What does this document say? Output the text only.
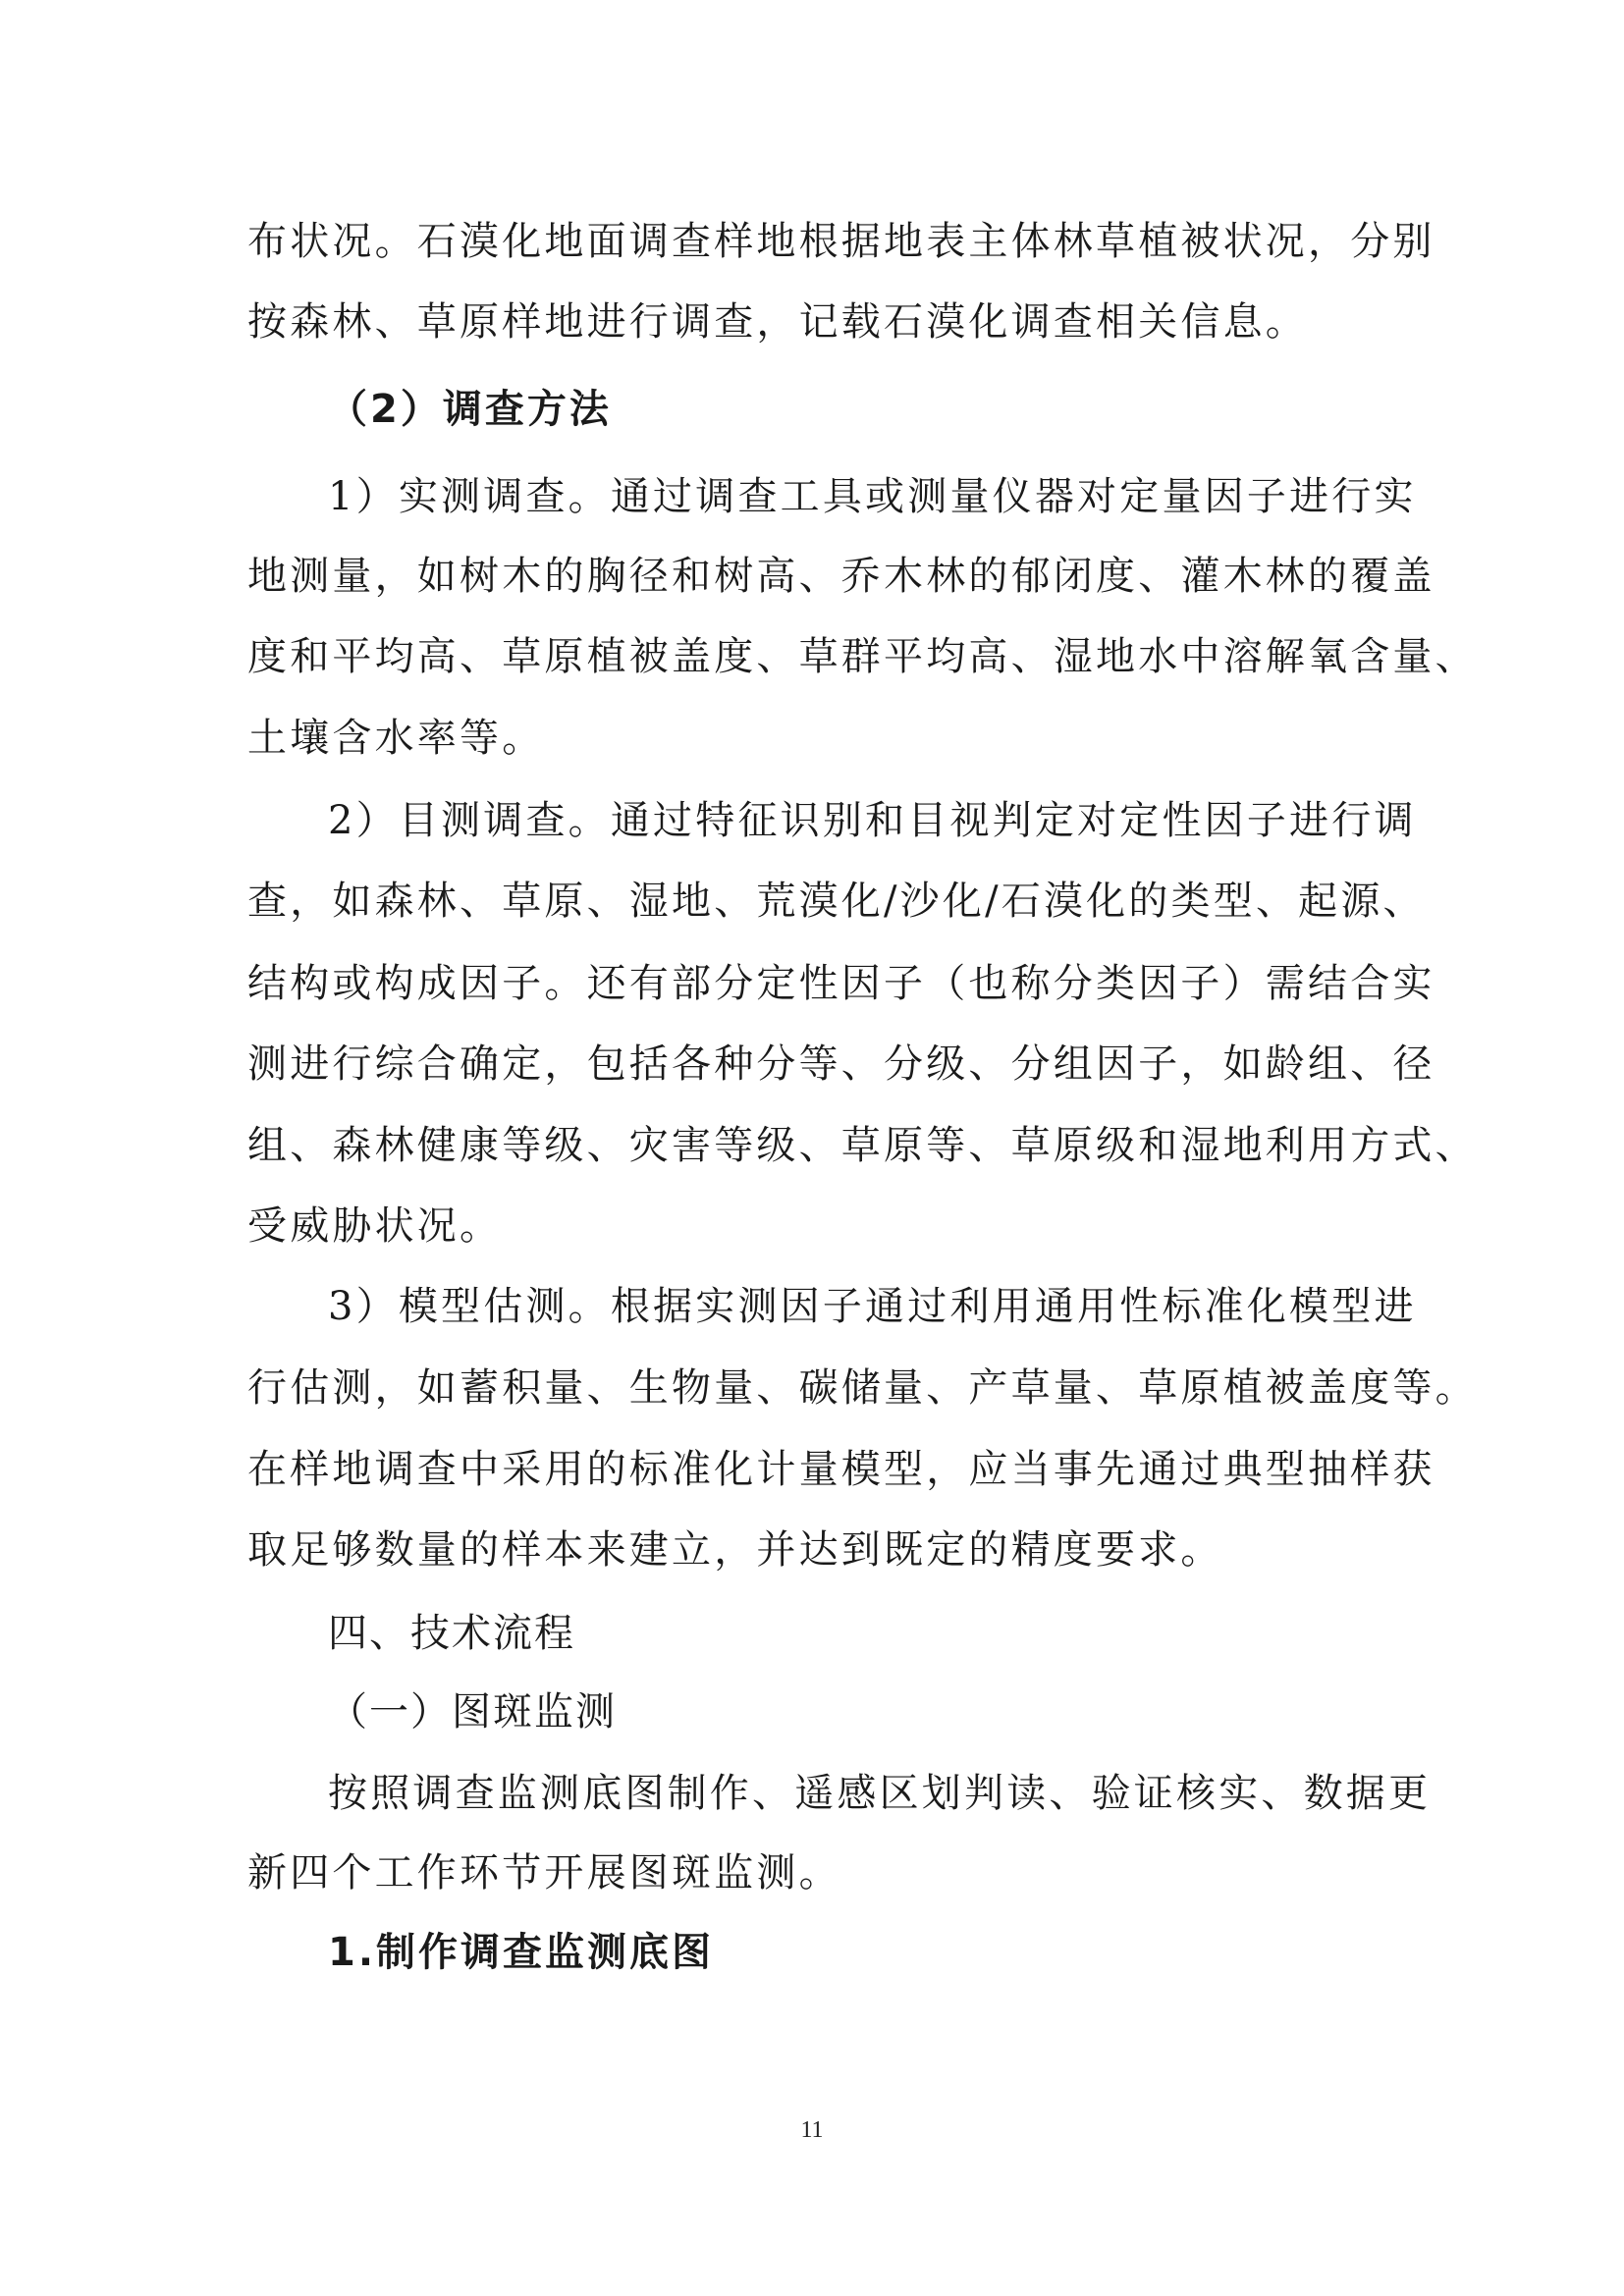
布状况。石漠化地面调查样地根据地表主体林草植被状况，分别
按森林、草原样地进行调查，记载石漠化调查相关信息。
（2）调查方法
1）实测调查。通过调查工具或测量仪器对定量因子进行实
地测量，如树木的胸径和树高、乔木林的郁闭度、灌木林的覆盖
度和平均高、草原植被盖度、草群平均高、湿地水中溶解氧含量、
土壤含水率等。
2）目测调查。通过特征识别和目视判定对定性因子进行调
查，如森林、草原、湿地、荒漠化/沙化/石漠化的类型、起源、
结构或构成因子。还有部分定性因子（也称分类因子）需结合实
测进行综合确定，包括各种分等、分级、分组因子，如龄组、径
组、森林健康等级、灾害等级、草原等、草原级和湿地利用方式、
受威胁状况。
3）模型估测。根据实测因子通过利用通用性标准化模型进
行估测，如蓄积量、生物量、碳储量、产草量、草原植被盖度等。
在样地调查中采用的标准化计量模型，应当事先通过典型抽样获
取足够数量的样本来建立，并达到既定的精度要求。
四、技术流程
（一）图斑监测
按照调查监测底图制作、遥感区划判读、验证核实、数据更
新四个工作环节开展图斑监测。
1.制作调查监测底图
11
